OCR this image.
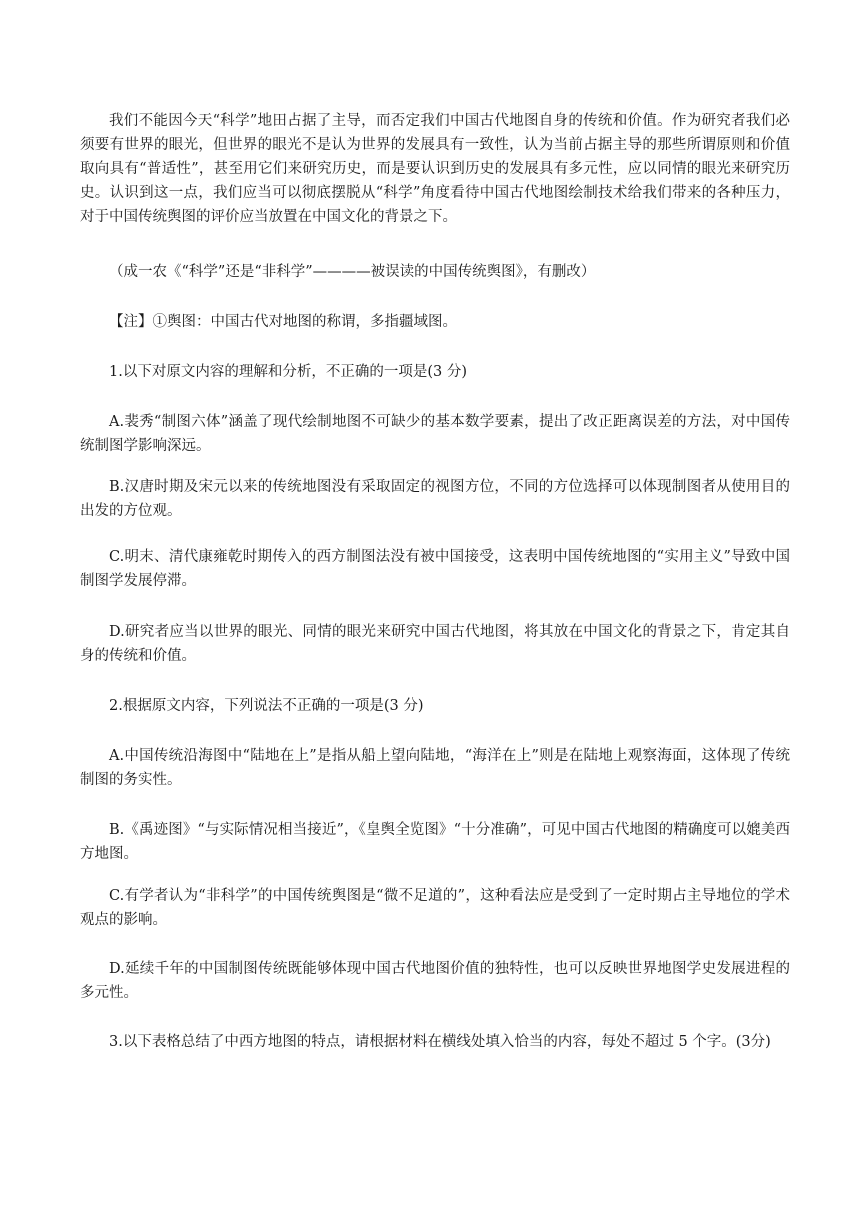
我们不能因今天“科学”地田占据了主导，而否定我们中国古代地图自身的传统和价值。作为研究者我们必须要有世界的眼光，但世界的眼光不是认为世界的发展具有一致性，认为当前占据主导的那些所谓原则和价值取向具有“普适性”，甚至用它们来研究历史，而是要认识到历史的发展具有多元性，应以同情的眼光来研究历史。认识到这一点，我们应当可以彻底摆脱从“科学”角度看待中国古代地图绘制技术给我们带来的各种压力，对于中国传统舆图的评价应当放置在中国文化的背景之下。

（成一农《“科学”还是“非科学”————被误读的中国传统舆图》，有删改）

【注】①舆图：中国古代对地图的称谓，多指疆域图。

1.以下对原文内容的理解和分析，不正确的一项是(3 分)

A.裴秀“制图六体”涵盖了现代绘制地图不可缺少的基本数学要素，提出了改正距离误差的方法，对中国传统制图学影响深远。

B.汉唐时期及宋元以来的传统地图没有采取固定的视图方位，不同的方位选择可以体现制图者从使用目的出发的方位观。

C.明末、清代康雍乾时期传入的西方制图法没有被中国接受，这表明中国传统地图的“实用主义”导致中国制图学发展停滞。

D.研究者应当以世界的眼光、同情的眼光来研究中国古代地图，将其放在中国文化的背景之下，肯定其自身的传统和价值。

2.根据原文内容，下列说法不正确的一项是(3 分)

A.中国传统沿海图中“陆地在上”是指从船上望向陆地，“海洋在上”则是在陆地上观察海面，这体现了传统制图的务实性。

B.《禹迹图》“与实际情况相当接近”，《皇舆全览图》“十分准确”，可见中国古代地图的精确度可以媲美西方地图。

C.有学者认为“非科学”的中国传统舆图是“微不足道的”，这种看法应是受到了一定时期占主导地位的学术观点的影响。

D.延续千年的中国制图传统既能够体现中国古代地图价值的独特性，也可以反映世界地图学史发展进程的多元性。

3.以下表格总结了中西方地图的特点，请根据材料在横线处填入恰当的内容，每处不超过 5 个字。(3分)
